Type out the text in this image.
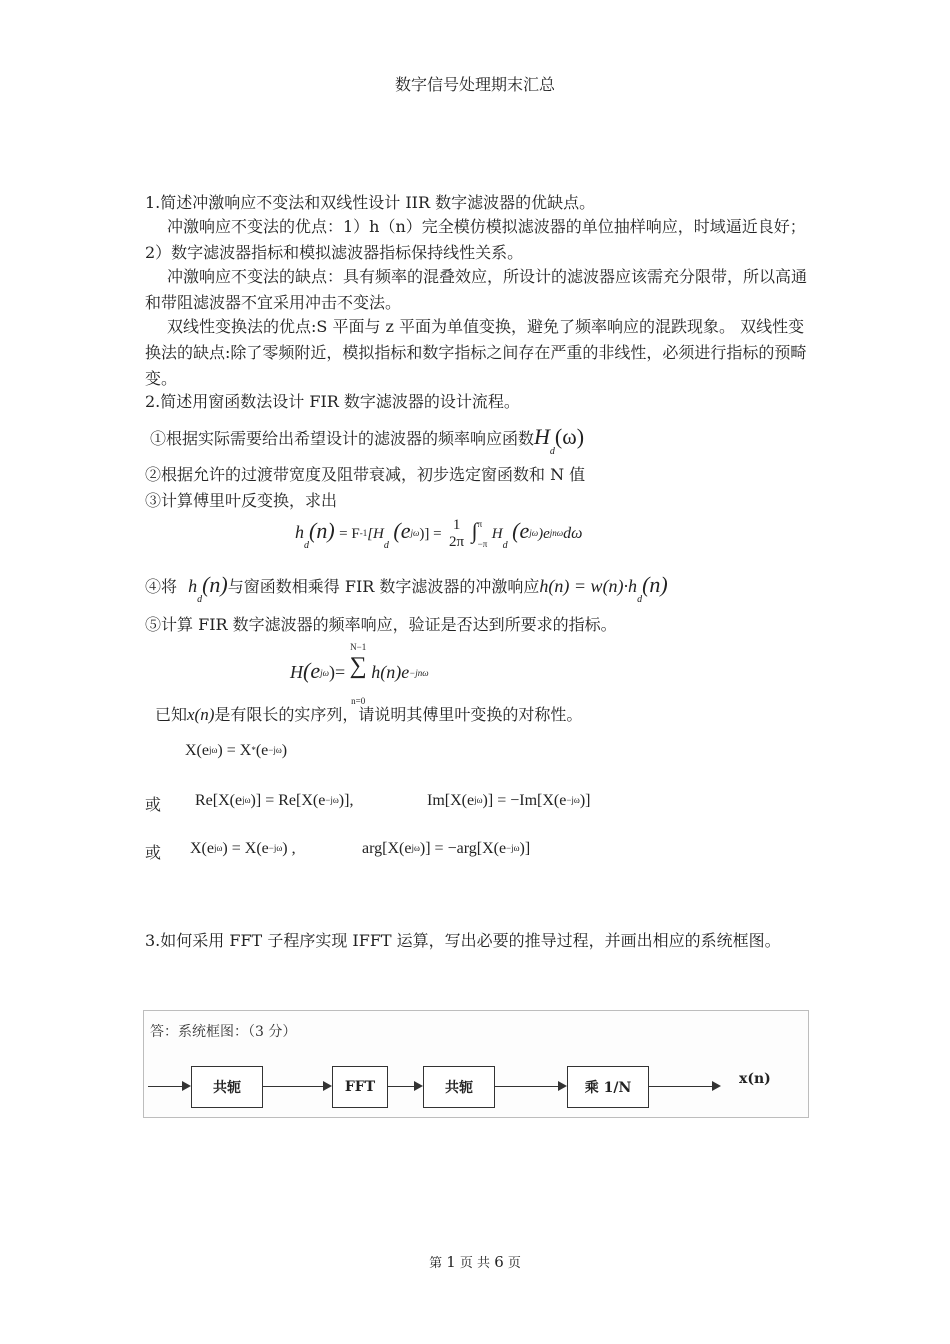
数字信号处理期末汇总
1.简述冲激响应不变法和双线性设计 IIR 数字滤波器的优缺点。
冲激响应不变法的优点：1）h（n）完全模仿模拟滤波器的单位抽样响应，时域逼近良好；2）数字滤波器指标和模拟滤波器指标保持线性关系。
冲激响应不变法的缺点：具有频率的混叠效应，所设计的滤波器应该需充分限带，所以高通和带阻滤波器不宜采用冲击不变法。
双线性变换法的优点:S 平面与 z 平面为单值变换，避免了频率响应的混跌现象。 双线性变换法的缺点:除了零频附近，模拟指标和数字指标之间存在严重的非线性，必须进行指标的预畸变。
2.简述用窗函数法设计 FIR 数字滤波器的设计流程。
①根据实际需要给出希望设计的滤波器的频率响应函数$H_d(\omega)$
②根据允许的过渡带宽度及阻带衰减，初步选定窗函数和 N 值
③计算傅里叶反变换，求出
$h_d(n) = F-1[H_d$ (ejω)] =
1
2π ∫ π
−π
$H_d$ (ejω)ejnωdω
④将 $h_d(n)$与窗函数相乘得 FIR 数字滤波器的冲激响应$h(n) = w(n)\cdot h_d(n)$
⑤计算 FIR 数字滤波器的频率响应，验证是否达到所要求的指标。
H(ejω)=
N−1
∑
n=0
h(n)e−jnω
已知x(n)是有限长的实序列，请说明其傅里叶变换的对称性。
X(ejω) = X*(e−jω)
或 Re[X(ejω)] = Re[X(e−jω)],	Im[X(ejω)] = −Im[X(e−jω)]
或 X(ejω) = X(e−jω) ,	arg[X(ejω)] = −arg[X(e−jω)]
3.如何采用 FFT 子程序实现 IFFT 运算，写出必要的推导过程，并画出相应的系统框图。
答：系统框图：（3 分）
共轭	FFT	共轭	乘 1/N
x(n)
第 1 页 共 6 页
